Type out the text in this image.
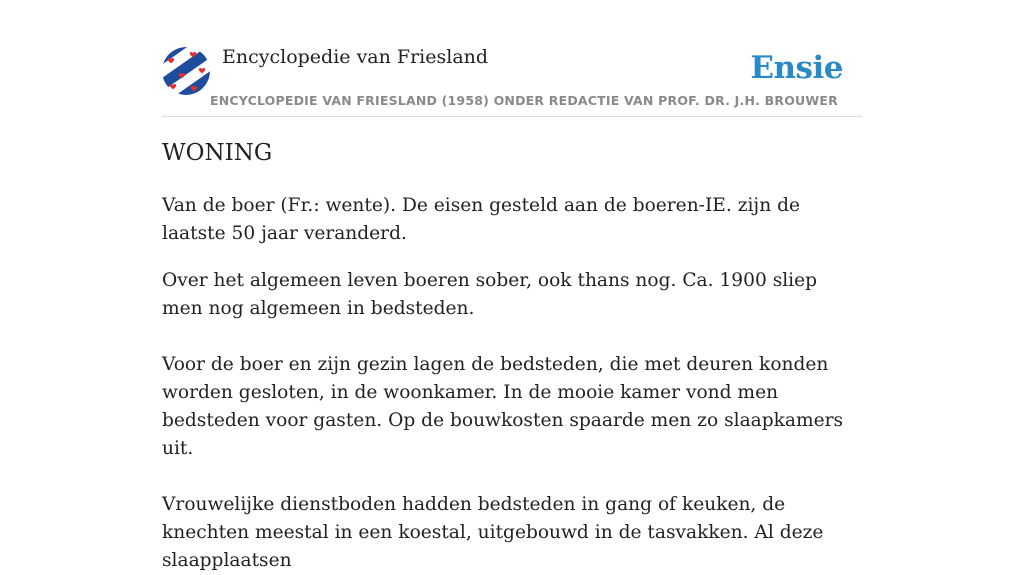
Encyclopedie van Friesland
ENCYCLOPEDIE VAN FRIESLAND (1958) ONDER REDACTIE VAN PROF. DR. J.H. BROUWER
Ensie
WONING

Van de boer (Fr.: wente). De eisen gesteld aan de boeren-IE. zijn de laatste 50 jaar veranderd.

Over het algemeen leven boeren sober, ook thans nog. Ca. 1900 sliep men nog algemeen in bedsteden.

Voor de boer en zijn gezin lagen de bedsteden, die met deuren konden worden gesloten, in de woonkamer. In de mooie kamer vond men bedsteden voor gasten. Op de bouwkosten spaarde men zo slaapkamers uit.

Vrouwelijke dienstboden hadden bedsteden in gang of keuken, de knechten meestal in een koestal, uitgebouwd in de tasvakken. Al deze slaapplaatsen
